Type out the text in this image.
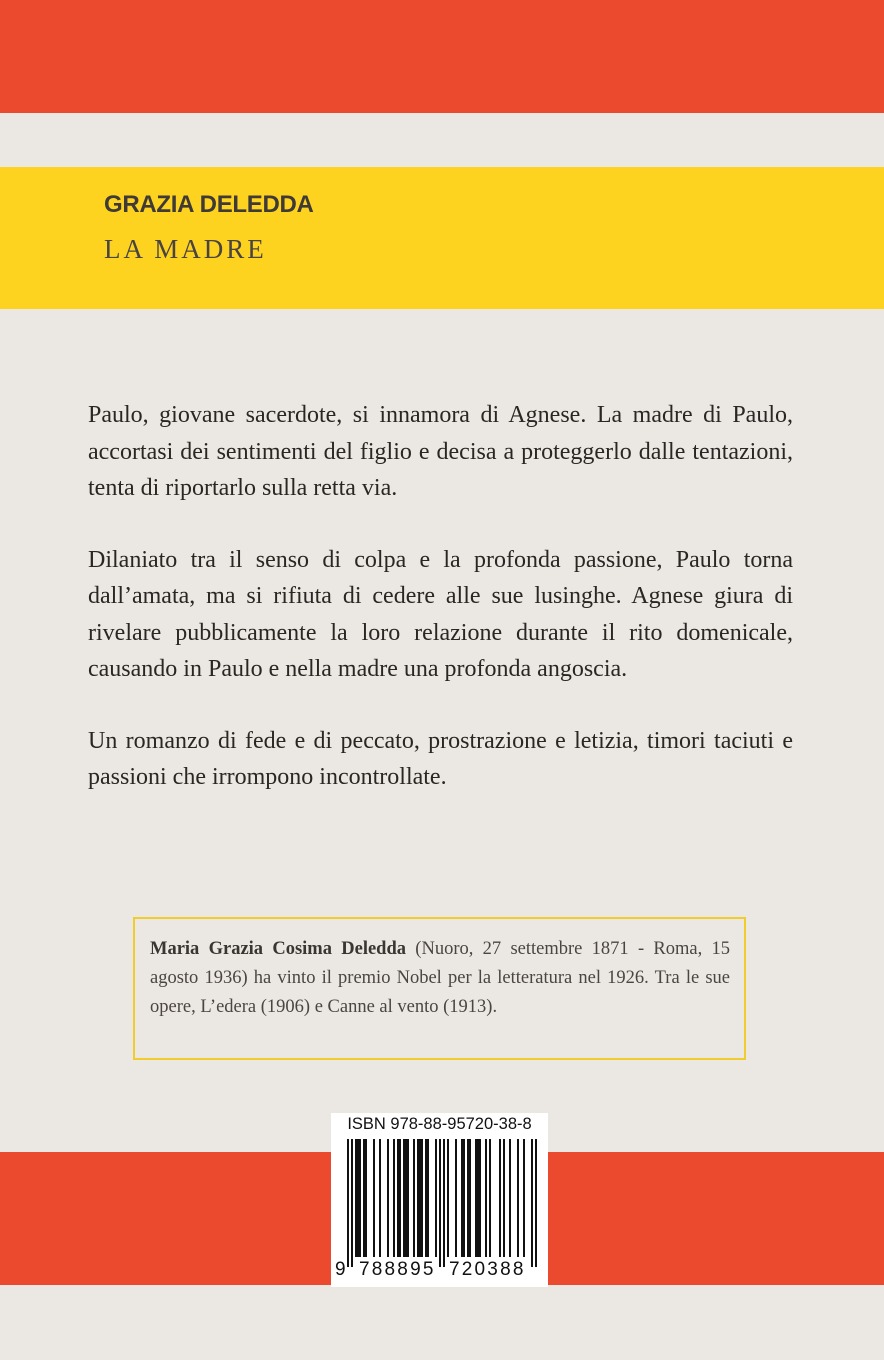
GRAZIA DELEDDA
LA MADRE

Paulo, giovane sacerdote, si innamora di Agnese. La madre di Paulo, accortasi dei sentimenti del figlio e decisa a proteggerlo dalle tentazioni, tenta di riportarlo sulla retta via.

Dilaniato tra il senso di colpa e la profonda passione, Paulo torna dall’amata, ma si rifiuta di cedere alle sue lusinghe. Agnese giura di rivelare pubblicamente la loro relazione durante il rito domenicale, causando in Paulo e nella madre una profonda angoscia.

Un romanzo di fede e di peccato, prostrazione e letizia, timori taciuti e passioni che irrompono incontrollate.

Maria Grazia Cosima Deledda (Nuoro, 27 settembre 1871 - Roma, 15 agosto 1936) ha vinto il premio Nobel per la letteratura nel 1926. Tra le sue opere, L’edera (1906) e Canne al vento (1913).

ISBN 978-88-95720-38-8
9 788895 720388
